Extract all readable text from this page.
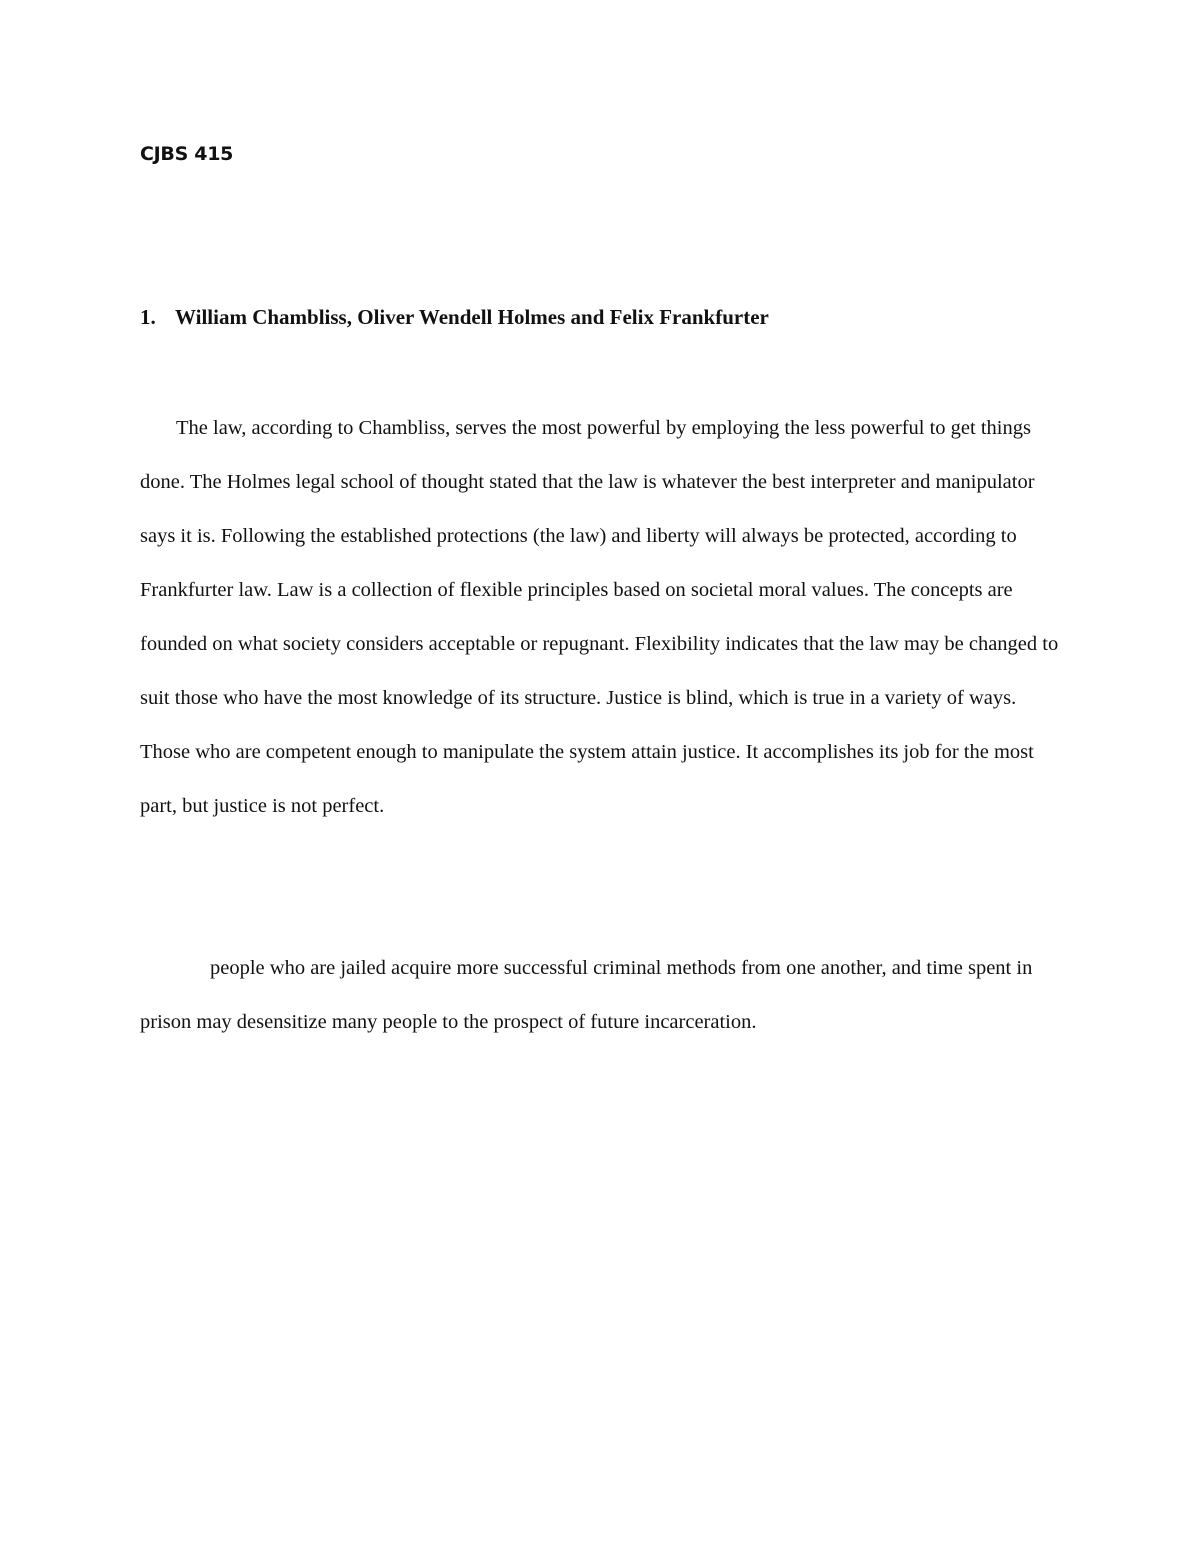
CJBS 415

1. William Chambliss, Oliver Wendell Holmes and Felix Frankfurter

The law, according to Chambliss, serves the most powerful by employing the less powerful to get things done. The Holmes legal school of thought stated that the law is whatever the best interpreter and manipulator says it is. Following the established protections (the law) and liberty will always be protected, according to Frankfurter law. Law is a collection of flexible principles based on societal moral values. The concepts are founded on what society considers acceptable or repugnant. Flexibility indicates that the law may be changed to suit those who have the most knowledge of its structure. Justice is blind, which is true in a variety of ways. Those who are competent enough to manipulate the system attain justice. It accomplishes its job for the most part, but justice is not perfect.

people who are jailed acquire more successful criminal methods from one another, and time spent in prison may desensitize many people to the prospect of future incarceration.
